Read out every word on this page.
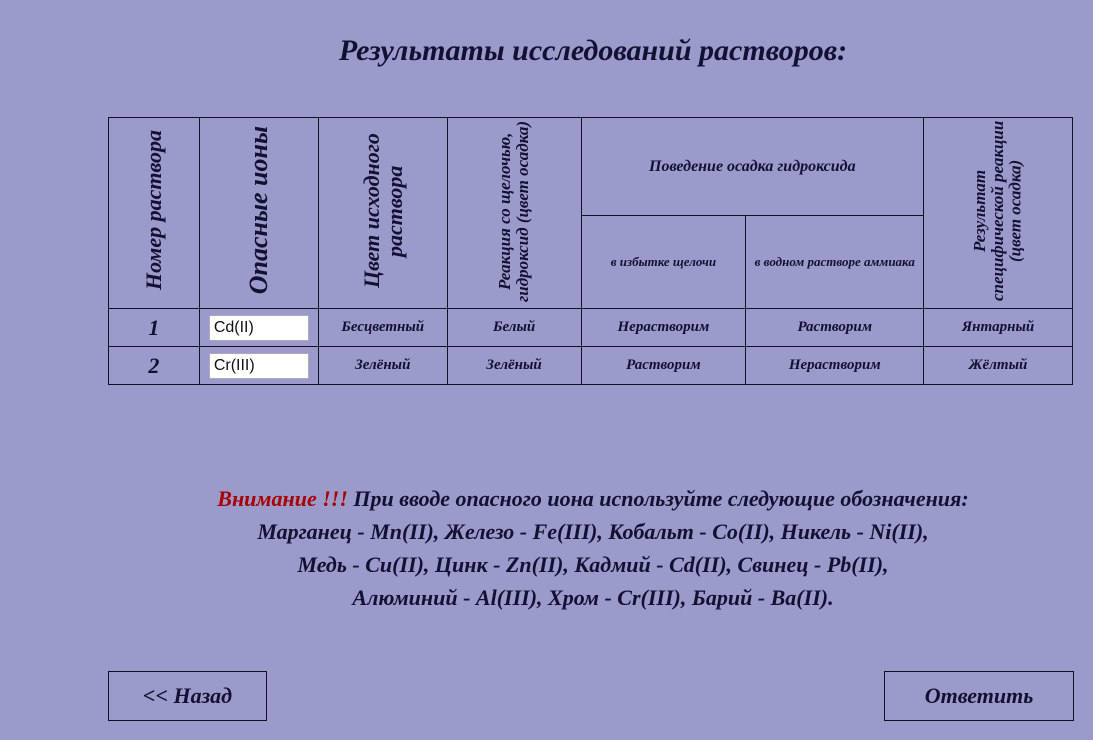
Результаты исследований растворов:
Номер раствора	Опасные ионы	Цвет исходного раствора	Реакция со щелочью, гидроксид (цвет осадка)	Поведение осадка гидроксида		Результат специфической реакции (цвет осадка)
				в избытке щелочи	в водном растворе аммиака	
1	Cd(II)	Бесцветный	Белый	Нерастворим	Растворим	Янтарный
2	Cr(III)	Зелёный	Зелёный	Растворим	Нерастворим	Жёлтый
Внимание !!! При вводе опасного иона используйте следующие обозначения:
Марганец - Mn(II), Железо - Fe(III), Кобальт - Co(II), Никель - Ni(II),
Медь - Cu(II), Цинк - Zn(II), Кадмий - Cd(II), Свинец - Pb(II),
Алюминий - Al(III), Хром - Cr(III), Барий - Ba(II).
<< Назад	Ответить
